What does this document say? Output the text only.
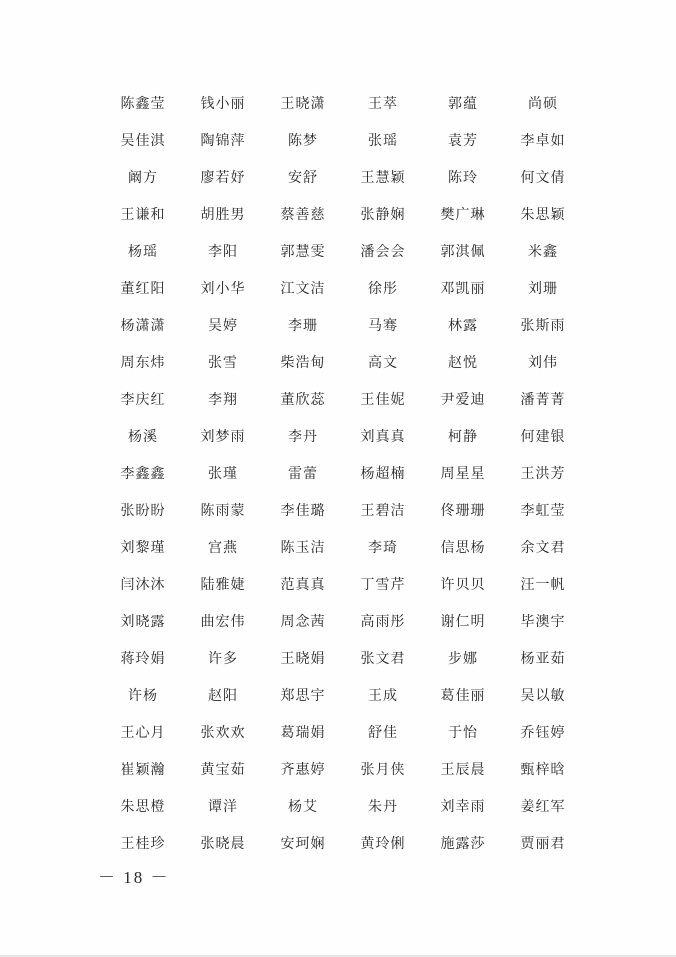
陈鑫莹	钱小丽	王晓潇	王萃	郭蕴	尚硕
吴佳淇	陶锦萍	陈梦	张瑶	袁芳	李卓如
阚方	廖若妤	安舒	王慧颖	陈玲	何文倩
王谦和	胡胜男	蔡善慈	张静娴	樊广琳	朱思颖
杨瑶	李阳	郭慧雯	潘会会	郭淇佩	米鑫
董红阳	刘小华	江文洁	徐彤	邓凯丽	刘珊
杨潇潇	吴婷	李珊	马骞	林露	张斯雨
周东炜	张雪	柴浩甸	高文	赵悦	刘伟
李庆红	李翔	董欣蕊	王佳妮	尹爱迪	潘菁菁
杨溪	刘梦雨	李丹	刘真真	柯静	何建银
李鑫鑫	张瑾	雷蕾	杨超楠	周星星	王洪芳
张盼盼	陈雨蒙	李佳璐	王碧洁	佟珊珊	李虹莹
刘黎瑾	宫燕	陈玉洁	李琦	信思杨	余文君
闫沐沐	陆雅婕	范真真	丁雪芹	许贝贝	汪一帆
刘晓露	曲宏伟	周念茜	高雨彤	谢仁明	毕澳宇
蒋玲娟	许多	王晓娟	张文君	步娜	杨亚茹
许杨	赵阳	郑思宇	王成	葛佳丽	吴以敏
王心月	张欢欢	葛瑞娟	舒佳	于怡	乔钰婷
崔颖瀚	黄宝茹	齐惠婷	张月侠	王辰晨	甄梓晗
朱思橙	谭洋	杨艾	朱丹	刘幸雨	姜红军
王桂珍	张晓晨	安珂娴	黄玲俐	施露莎	贾丽君
－ 18 －
